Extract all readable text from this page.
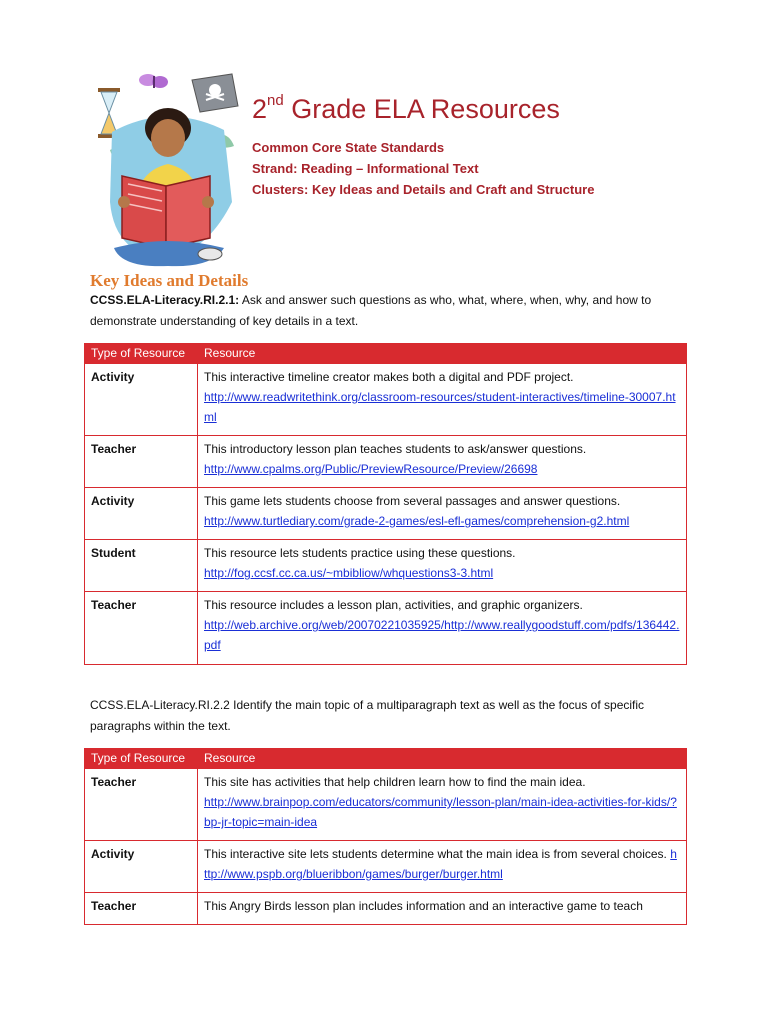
2nd Grade ELA Resources
Common Core State Standards
Strand: Reading – Informational Text
Clusters: Key Ideas and Details and Craft and Structure
Key Ideas and Details
CCSS.ELA-Literacy.RI.2.1: Ask and answer such questions as who, what, where, when, why, and how to demonstrate understanding of key details in a text.
Type of Resource	Resource
Activity	This interactive timeline creator makes both a digital and PDF project.
http://www.readwritethink.org/classroom-resources/student-interactives/timeline-30007.html
Teacher	This introductory lesson plan teaches students to ask/answer questions.
http://www.cpalms.org/Public/PreviewResource/Preview/26698
Activity	This game lets students choose from several passages and answer questions.
http://www.turtlediary.com/grade-2-games/esl-efl-games/comprehension-g2.html
Student	This resource lets students practice using these questions.
http://fog.ccsf.cc.ca.us/~mbibliow/whquestions3-3.html
Teacher	This resource includes a lesson plan, activities, and graphic organizers.
http://web.archive.org/web/20070221035925/http://www.reallygoodstuff.com/pdfs/136442.pdf
CCSS.ELA-Literacy.RI.2.2 Identify the main topic of a multiparagraph text as well as the focus of specific paragraphs within the text.
Type of Resource	Resource
Teacher	This site has activities that help children learn how to find the main idea.
http://www.brainpop.com/educators/community/lesson-plan/main-idea-activities-for-kids/?bp-jr-topic=main-idea
Activity	This interactive site lets students determine what the main idea is from several choices. http://www.pspb.org/blueribbon/games/burger/burger.html
Teacher	This Angry Birds lesson plan includes information and an interactive game to teach
